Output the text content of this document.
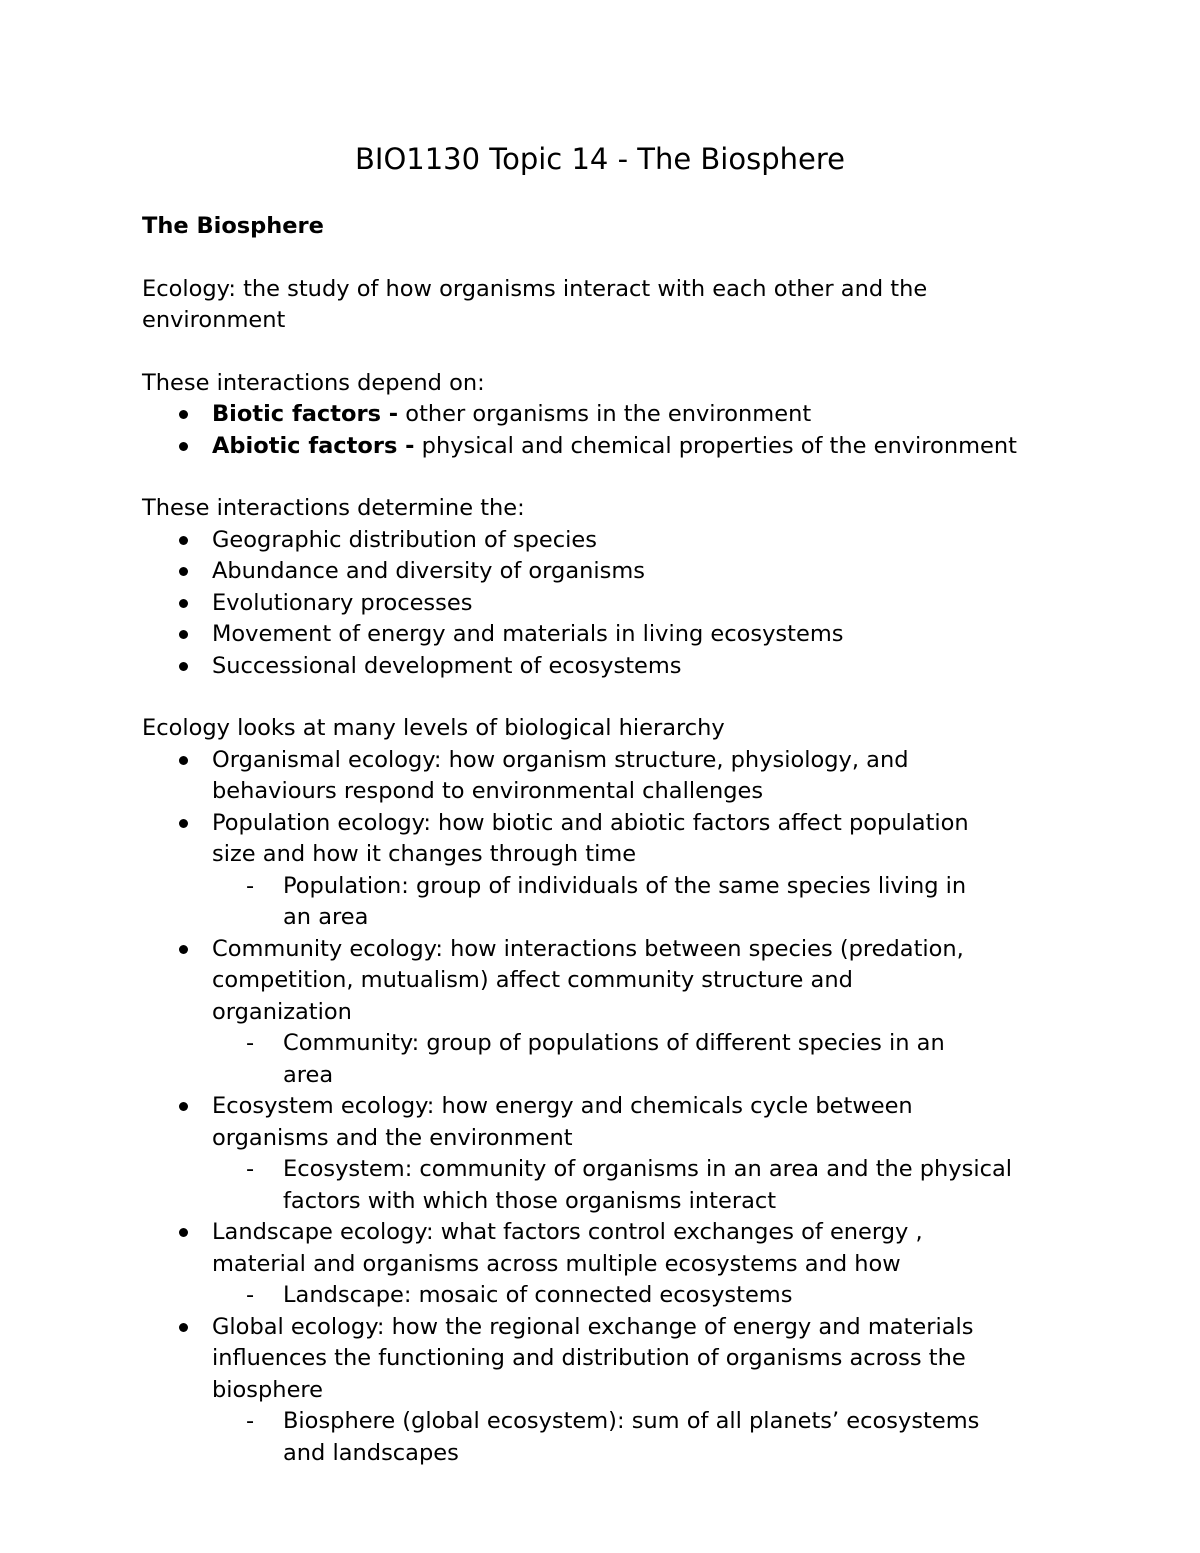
BIO1130 Topic 14 - The Biosphere

The Biosphere

Ecology: the study of how organisms interact with each other and the environment

These interactions depend on:

Biotic factors - other organisms in the environment
Abiotic factors - physical and chemical properties of the environment

These interactions determine the:

Geographic distribution of species
Abundance and diversity of organisms
Evolutionary processes
Movement of energy and materials in living ecosystems
Successional development of ecosystems

Ecology looks at many levels of biological hierarchy

Organismal ecology: how organism structure, physiology, and behaviours respond to environmental challenges
Population ecology: how biotic and abiotic factors affect population size and how it changes through time
- Population: group of individuals of the same species living in an area
Community ecology: how interactions between species (predation, competition, mutualism) affect community structure and organization
- Community: group of populations of different species in an area
Ecosystem ecology: how energy and chemicals cycle between organisms and the environment
- Ecosystem: community of organisms in an area and the physical factors with which those organisms interact
Landscape ecology: what factors control exchanges of energy , material and organisms across multiple ecosystems and how
- Landscape: mosaic of connected ecosystems
Global ecology: how the regional exchange of energy and materials influences the functioning and distribution of organisms across the biosphere
- Biosphere (global ecosystem): sum of all planets’ ecosystems and landscapes
